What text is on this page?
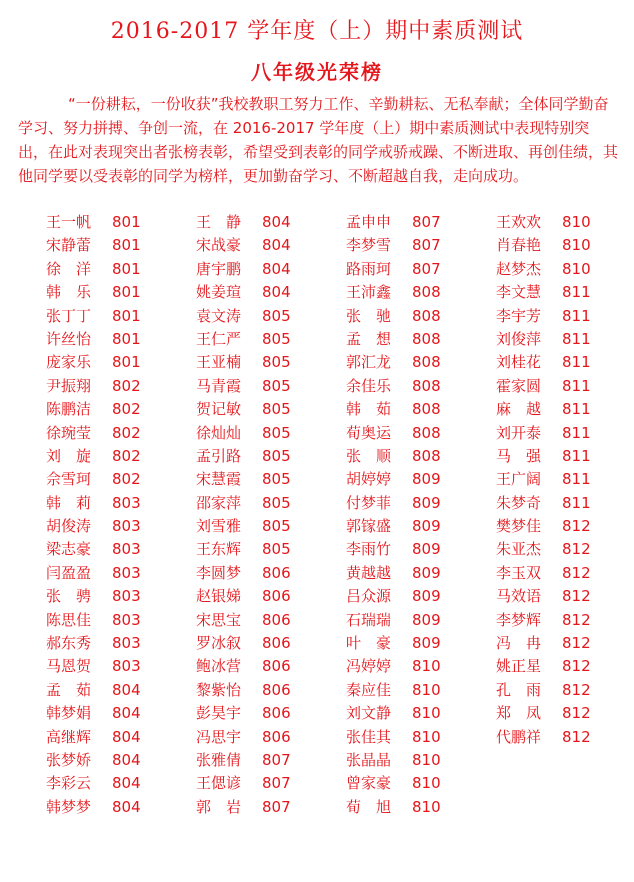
2016-2017 学年度（上）期中素质测试
八年级光荣榜

“一份耕耘，一份收获”我校教职工努力工作、辛勤耕耘、无私奉献；全体同学勤奋学习、努力拼搏、争创一流，在 2016-2017 学年度（上）期中素质测试中表现特别突出，在此对表现突出者张榜表彰，希望受到表彰的同学戒骄戒躁、不断进取、再创佳绩，其他同学要以受表彰的同学为榜样，更加勤奋学习、不断超越自我，走向成功。

王一帆	801
宋静蕾	801
徐　洋	801
韩　乐	801
张丁丁	801
许丝怡	801
庞家乐	801
尹振翔	802
陈鹏洁	802
徐琬莹	802
刘　旋	802
佘雪珂	802
韩　莉	803
胡俊涛	803
梁志豪	803
闫盈盈	803
张　骋	803
陈思佳	803
郝东秀	803
马恩贺	803
孟　茹	804
韩梦娟	804
高继辉	804
张梦娇	804
李彩云	804
韩梦梦	804
王　静	804
宋战豪	804
唐宇鹏	804
姚姜瑄	804
袁文涛	805
王仁严	805
王亚楠	805
马青霞	805
贺记敏	805
徐灿灿	805
孟引路	805
宋慧霞	805
邵家萍	805
刘雪雅	805
王东辉	805
李圆梦	806
赵银娣	806
宋思宝	806
罗冰叙	806
鲍冰营	806
黎紫怡	806
彭昊宇	806
冯思宇	806
张雅倩	807
王偲谚	807
郭　岩	807
孟申申	807
李梦雪	807
路雨珂	807
王沛鑫	808
张　驰	808
孟　想	808
郭汇龙	808
余佳乐	808
韩　茹	808
荀奥运	808
张　顺	808
胡婷婷	809
付梦菲	809
郭镓盛	809
李雨竹	809
黄越越	809
吕众源	809
石瑞瑞	809
叶　豪	809
冯婷婷	810
秦应佳	810
刘文静	810
张佳其	810
张晶晶	810
曾家豪	810
荀　旭	810
王欢欢	810
肖春艳	810
赵梦杰	810
李文慧	811
李宇芳	811
刘俊萍	811
刘桂花	811
霍家圆	811
麻　越	811
刘开泰	811
马　强	811
王广阔	811
朱梦奇	811
樊梦佳	812
朱亚杰	812
李玉双	812
马效语	812
李梦辉	812
冯　冉	812
姚正星	812
孔　雨	812
郑　凤	812
代鹏祥	812
